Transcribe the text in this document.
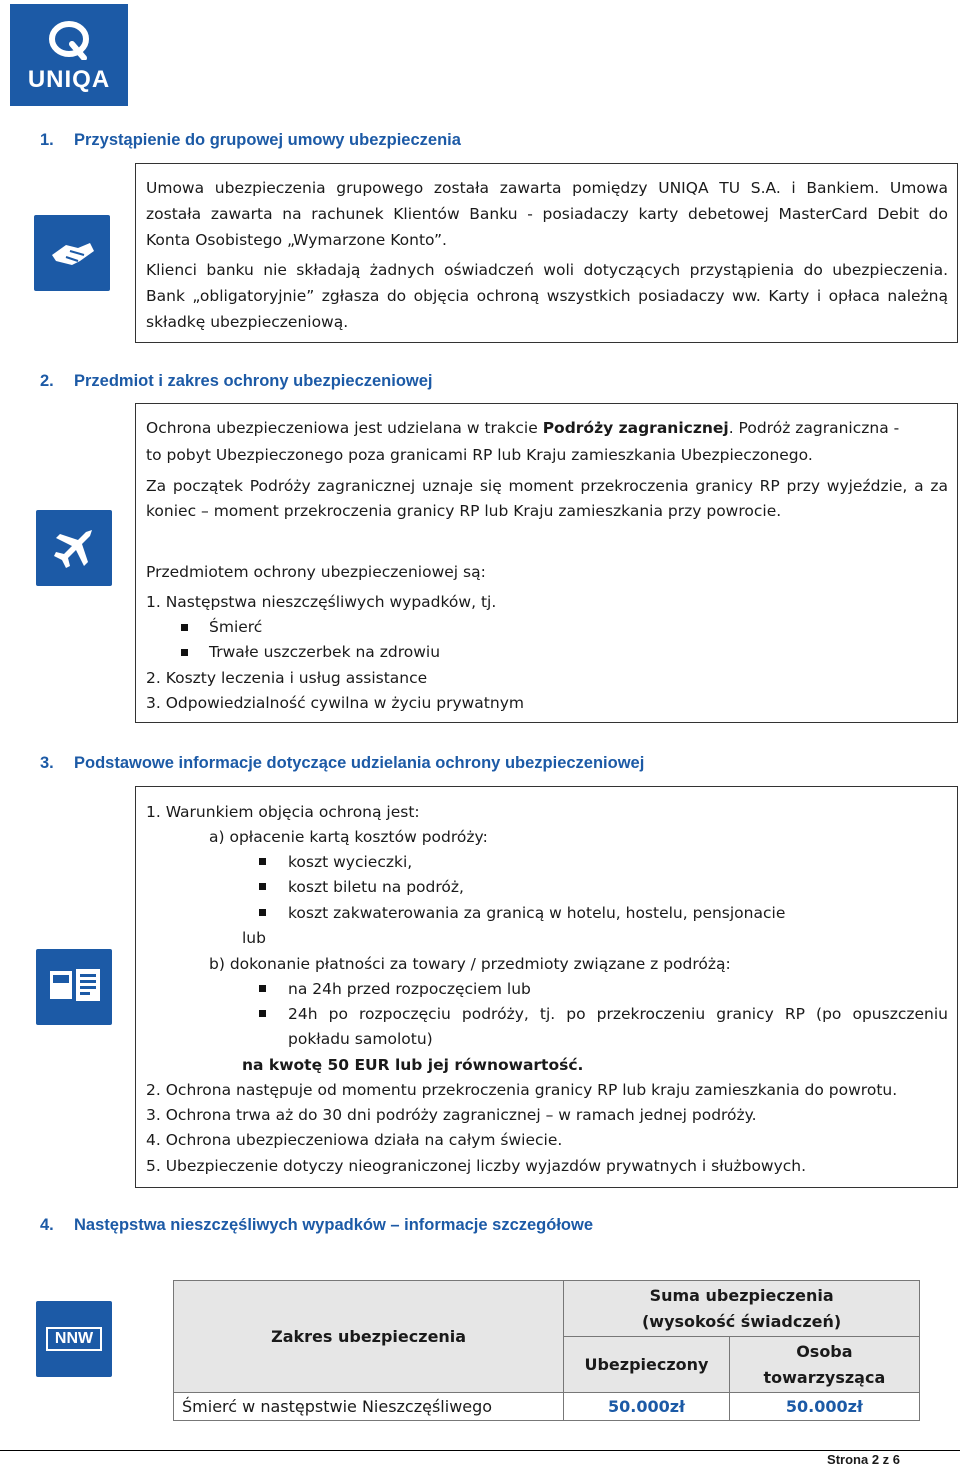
UNIQA
1. Przystąpienie do grupowej umowy ubezpieczenia
Umowa ubezpieczenia grupowego została zawarta pomiędzy UNIQA TU S.A. i Bankiem. Umowa
została zawarta na rachunek Klientów Banku - posiadaczy karty debetowej MasterCard Debit do
Konta Osobistego „Wymarzone Konto”.
Klienci banku nie składają żadnych oświadczeń woli dotyczących przystąpienia do ubezpieczenia.
Bank „obligatoryjnie” zgłasza do objęcia ochroną wszystkich posiadaczy ww. Karty i opłaca należną
składkę ubezpieczeniową.
2. Przedmiot i zakres ochrony ubezpieczeniowej
Ochrona ubezpieczeniowa jest udzielana w trakcie Podróży zagranicznej. Podróż zagraniczna -
to pobyt Ubezpieczonego poza granicami RP lub Kraju zamieszkania Ubezpieczonego.
Za początek Podróży zagranicznej uznaje się moment przekroczenia granicy RP przy wyjeździe, a za
koniec – moment przekroczenia granicy RP lub Kraju zamieszkania przy powrocie.
Przedmiotem ochrony ubezpieczeniowej są:
1. Następstwa nieszczęśliwych wypadków, tj.
Śmierć
Trwałe uszczerbek na zdrowiu
2. Koszty leczenia i usług assistance
3. Odpowiedzialność cywilna w życiu prywatnym
3. Podstawowe informacje dotyczące udzielania ochrony ubezpieczeniowej
1. Warunkiem objęcia ochroną jest:
a) opłacenie kartą kosztów podróży:
koszt wycieczki,
koszt biletu na podróż,
koszt zakwaterowania za granicą w hotelu, hostelu, pensjonacie
lub
b) dokonanie płatności za towary / przedmioty związane z podróżą:
na 24h przed rozpoczęciem lub
24h po rozpoczęciu podróży, tj. po przekroczeniu granicy RP (po opuszczeniu
pokładu samolotu)
na kwotę 50 EUR lub jej równowartość.
2. Ochrona następuje od momentu przekroczenia granicy RP lub kraju zamieszkania do powrotu.
3. Ochrona trwa aż do 30 dni podróży zagranicznej – w ramach jednej podróży.
4. Ochrona ubezpieczeniowa działa na całym świecie.
5. Ubezpieczenie dotyczy nieograniczonej liczby wyjazdów prywatnych i służbowych.
4. Następstwa nieszczęśliwych wypadków – informacje szczegółowe
NNW	Zakres ubezpieczenia	Suma ubezpieczenia
(wysokość świadczeń)	
	Ubezpieczony	Osoba
towarzysząca
Śmierć w następstwie Nieszczęśliwego	50.000zł	50.000zł
Strona 2 z 6
